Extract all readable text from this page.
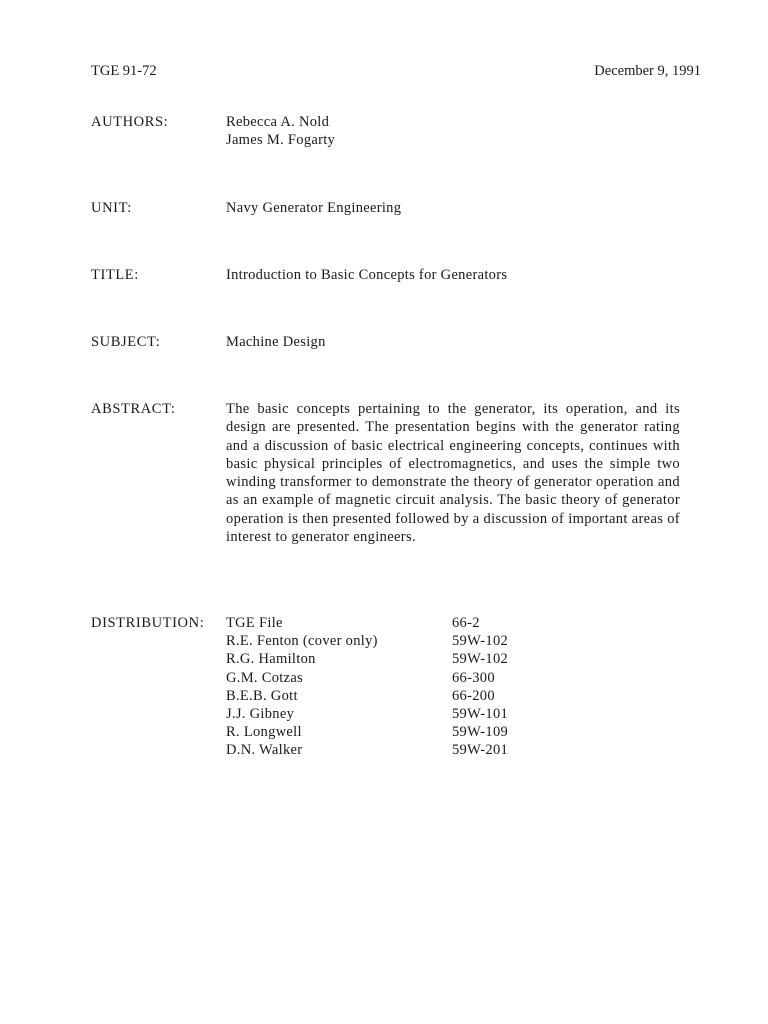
TGE 91-72	December 9, 1991
AUTHORS:	Rebecca A. Nold
James M. Fogarty
UNIT:	Navy Generator Engineering
TITLE:	Introduction to Basic Concepts for Generators
SUBJECT:	Machine Design
ABSTRACT:	The basic concepts pertaining to the generator, its operation, and its design are presented. The presentation begins with the generator rating and a discussion of basic electrical engineering concepts, continues with basic physical principles of electromagnetics, and uses the simple two winding transformer to demonstrate the theory of generator operation and as an example of magnetic circuit analysis. The basic theory of generator operation is then presented followed by a discussion of important areas of interest to generator engineers.
DISTRIBUTION: TGE File	66-2
R.E. Fenton (cover only)	59W-102
R.G. Hamilton	59W-102
G.M. Cotzas	66-300
B.E.B. Gott	66-200
J.J. Gibney	59W-101
R. Longwell	59W-109
D.N. Walker	59W-201
